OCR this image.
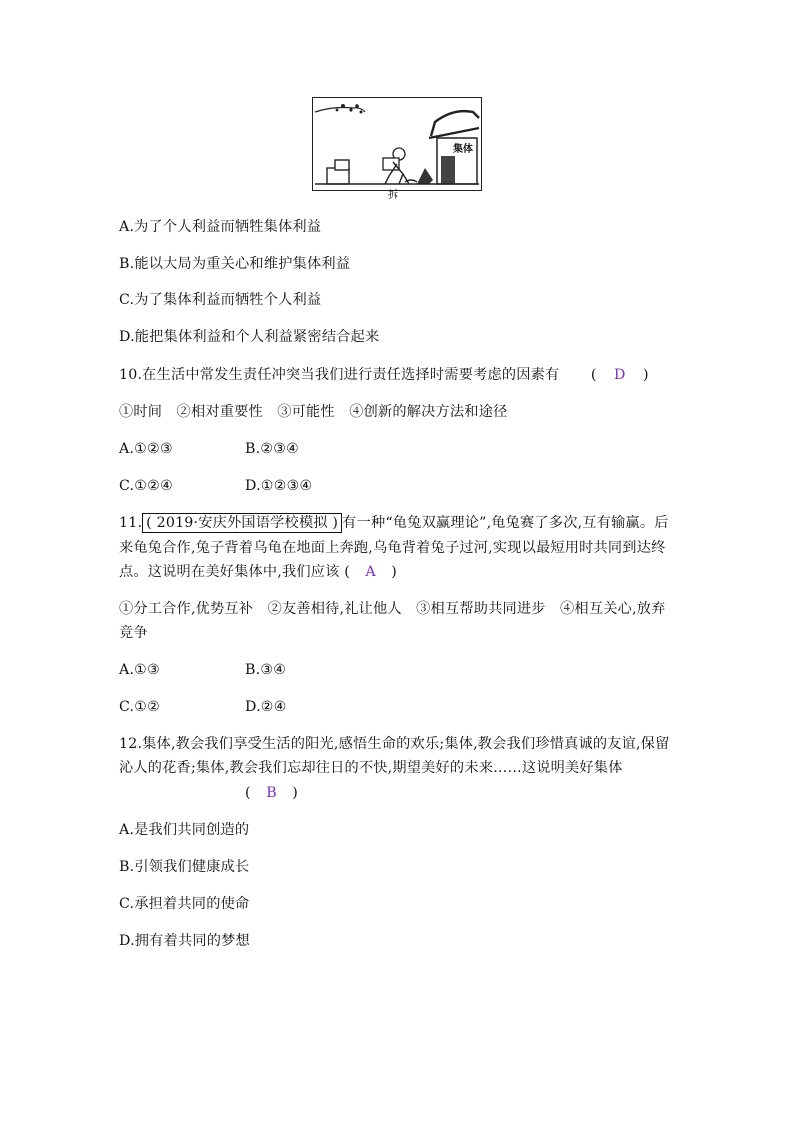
集体
拆
A.为了个人利益而牺牲集体利益
B.能以大局为重关心和维护集体利益
C.为了集体利益而牺牲个人利益
D.能把集体利益和个人利益紧密结合起来
10.在生活中常发生责任冲突当我们进行责任选择时需要考虑的因素有 ( D )
①时间　②相对重要性　③可能性　④创新的解决方法和途径
A.①②③	B.②③④
C.①②④	D.①②③④
11. ( 2019·安庆外国语学校模拟 ) 有一种“龟兔双赢理论”,龟兔赛了多次,互有输赢。后
来龟兔合作,兔子背着乌龟在地面上奔跑,乌龟背着兔子过河,实现以最短用时共同到达终
点。这说明在美好集体中,我们应该 ( A )
①分工合作,优势互补　②友善相待,礼让他人　③相互帮助共同进步　④相互关心,放弃
竞争
A.①③	B.③④
C.①②	D.②④
12.集体,教会我们享受生活的阳光,感悟生命的欢乐;集体,教会我们珍惜真诚的友谊,保留
沁人的花香;集体,教会我们忘却往日的不快,期望美好的未来……这说明美好集体
( B )
A.是我们共同创造的
B.引领我们健康成长
C.承担着共同的使命
D.拥有着共同的梦想
